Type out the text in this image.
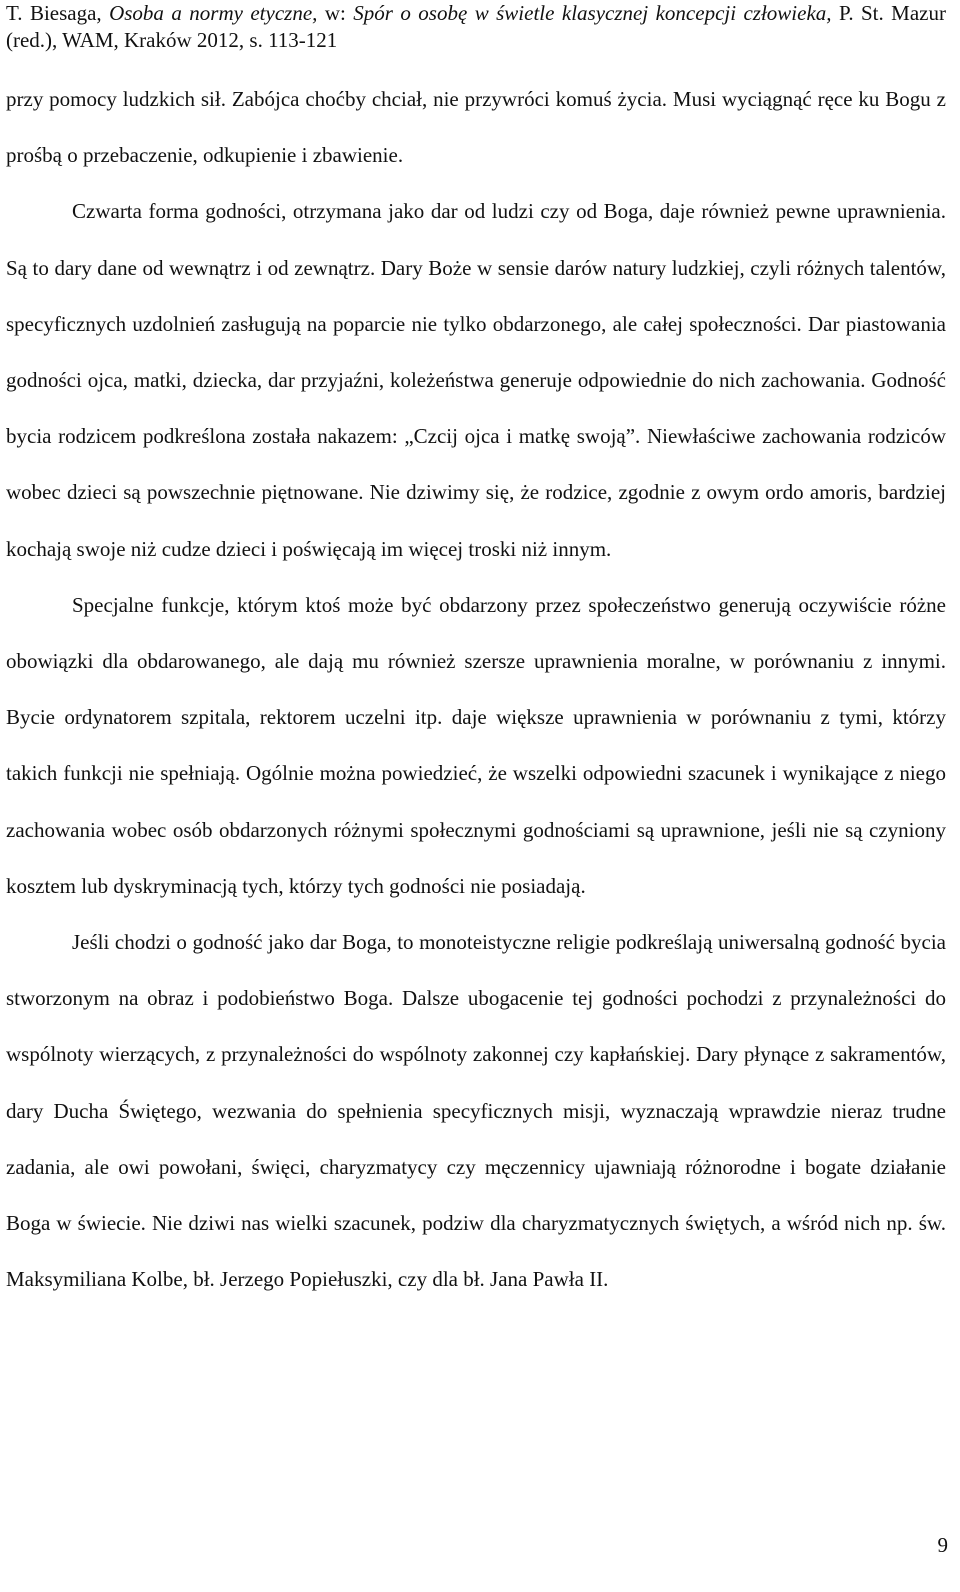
T. Biesaga, Osoba a normy etyczne, w: Spór o osobę w świetle klasycznej koncepcji człowieka, P. St. Mazur (red.), WAM, Kraków 2012, s. 113-121

przy pomocy ludzkich sił. Zabójca choćby chciał, nie przywróci komuś życia. Musi wyciągnąć ręce ku Bogu z prośbą o przebaczenie, odkupienie i zbawienie.

Czwarta forma godności, otrzymana jako dar od ludzi czy od Boga, daje również pewne uprawnienia. Są to dary dane od wewnątrz i od zewnątrz. Dary Boże w sensie darów natury ludzkiej, czyli różnych talentów, specyficznych uzdolnień zasługują na poparcie nie tylko obdarzonego, ale całej społeczności. Dar piastowania godności ojca, matki, dziecka, dar przyjaźni, koleżeństwa generuje odpowiednie do nich zachowania. Godność bycia rodzicem podkreślona została nakazem: „Czcij ojca i matkę swoją”. Niewłaściwe zachowania rodziców wobec dzieci są powszechnie piętnowane. Nie dziwimy się, że rodzice, zgodnie z owym ordo amoris, bardziej kochają swoje niż cudze dzieci i poświęcają im więcej troski niż innym.

Specjalne funkcje, którym ktoś może być obdarzony przez społeczeństwo generują oczywiście różne obowiązki dla obdarowanego, ale dają mu również szersze uprawnienia moralne, w porównaniu z innymi. Bycie ordynatorem szpitala, rektorem uczelni itp. daje większe uprawnienia w porównaniu z tymi, którzy takich funkcji nie spełniają. Ogólnie można powiedzieć, że wszelki odpowiedni szacunek i wynikające z niego zachowania wobec osób obdarzonych różnymi społecznymi godnościami są uprawnione, jeśli nie są czyniony kosztem lub dyskryminacją tych, którzy tych godności nie posiadają.

Jeśli chodzi o godność jako dar Boga, to monoteistyczne religie podkreślają uniwersalną godność bycia stworzonym na obraz i podobieństwo Boga. Dalsze ubogacenie tej godności pochodzi z przynależności do wspólnoty wierzących, z przynależności do wspólnoty zakonnej czy kapłańskiej. Dary płynące z sakramentów, dary Ducha Świętego, wezwania do spełnienia specyficznych misji, wyznaczają wprawdzie nieraz trudne zadania, ale owi powołani, święci, charyzmatycy czy męczennicy ujawniają różnorodne i bogate działanie Boga w świecie. Nie dziwi nas wielki szacunek, podziw dla charyzmatycznych świętych, a wśród nich np. św. Maksymiliana Kolbe, bł. Jerzego Popiełuszki, czy dla bł. Jana Pawła II.

9
